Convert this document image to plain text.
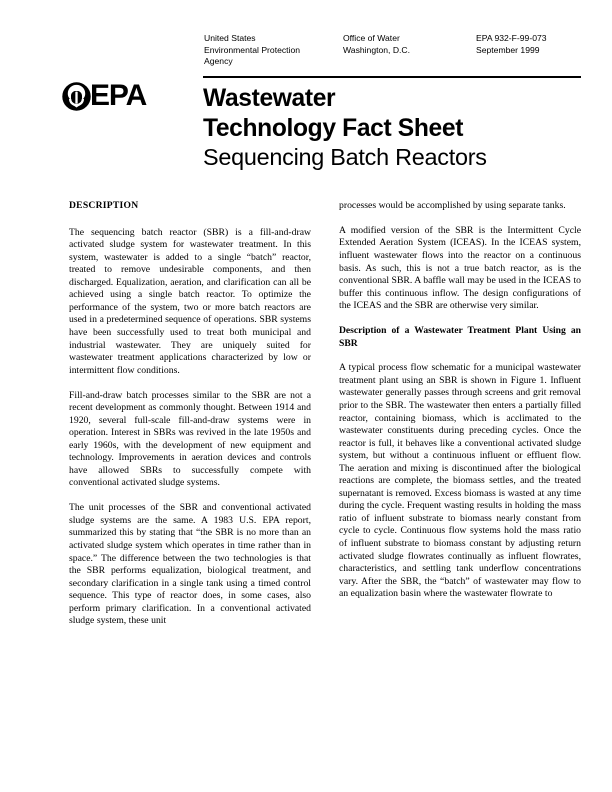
United States
Environmental Protection
Agency
Office of Water
Washington, D.C.
EPA 932-F-99-073
September 1999
EPA Wastewater
Technology Fact Sheet
Sequencing Batch Reactors
DESCRIPTION

The sequencing batch reactor (SBR) is a fill-and-draw activated sludge system for wastewater treatment. In this system, wastewater is added to a single “batch” reactor, treated to remove undesirable components, and then discharged. Equalization, aeration, and clarification can all be achieved using a single batch reactor. To optimize the performance of the system, two or more batch reactors are used in a predetermined sequence of operations. SBR systems have been successfully used to treat both municipal and industrial wastewater. They are uniquely suited for wastewater treatment applications characterized by low or intermittent flow conditions.

Fill-and-draw batch processes similar to the SBR are not a recent development as commonly thought. Between 1914 and 1920, several full-scale fill-and-draw systems were in operation. Interest in SBRs was revived in the late 1950s and early 1960s, with the development of new equipment and technology. Improvements in aeration devices and controls have allowed SBRs to successfully compete with conventional activated sludge systems.

The unit processes of the SBR and conventional activated sludge systems are the same. A 1983 U.S. EPA report, summarized this by stating that “the SBR is no more than an activated sludge system which operates in time rather than in space.” The difference between the two technologies is that the SBR performs equalization, biological treatment, and secondary clarification in a single tank using a timed control sequence. This type of reactor does, in some cases, also perform primary clarification. In a conventional activated sludge system, these unit

processes would be accomplished by using separate tanks.

A modified version of the SBR is the Intermittent Cycle Extended Aeration System (ICEAS). In the ICEAS system, influent wastewater flows into the reactor on a continuous basis. As such, this is not a true batch reactor, as is the conventional SBR. A baffle wall may be used in the ICEAS to buffer this continuous inflow. The design configurations of the ICEAS and the SBR are otherwise very similar.

Description of a Wastewater Treatment Plant Using an SBR

A typical process flow schematic for a municipal wastewater treatment plant using an SBR is shown in Figure 1. Influent wastewater generally passes through screens and grit removal prior to the SBR. The wastewater then enters a partially filled reactor, containing biomass, which is acclimated to the wastewater constituents during preceding cycles. Once the reactor is full, it behaves like a conventional activated sludge system, but without a continuous influent or effluent flow. The aeration and mixing is discontinued after the biological reactions are complete, the biomass settles, and the treated supernatant is removed. Excess biomass is wasted at any time during the cycle. Frequent wasting results in holding the mass ratio of influent substrate to biomass nearly constant from cycle to cycle. Continuous flow systems hold the mass ratio of influent substrate to biomass constant by adjusting return activated sludge flowrates continually as influent flowrates, characteristics, and settling tank underflow concentrations vary. After the SBR, the “batch” of wastewater may flow to an equalization basin where the wastewater flowrate to
